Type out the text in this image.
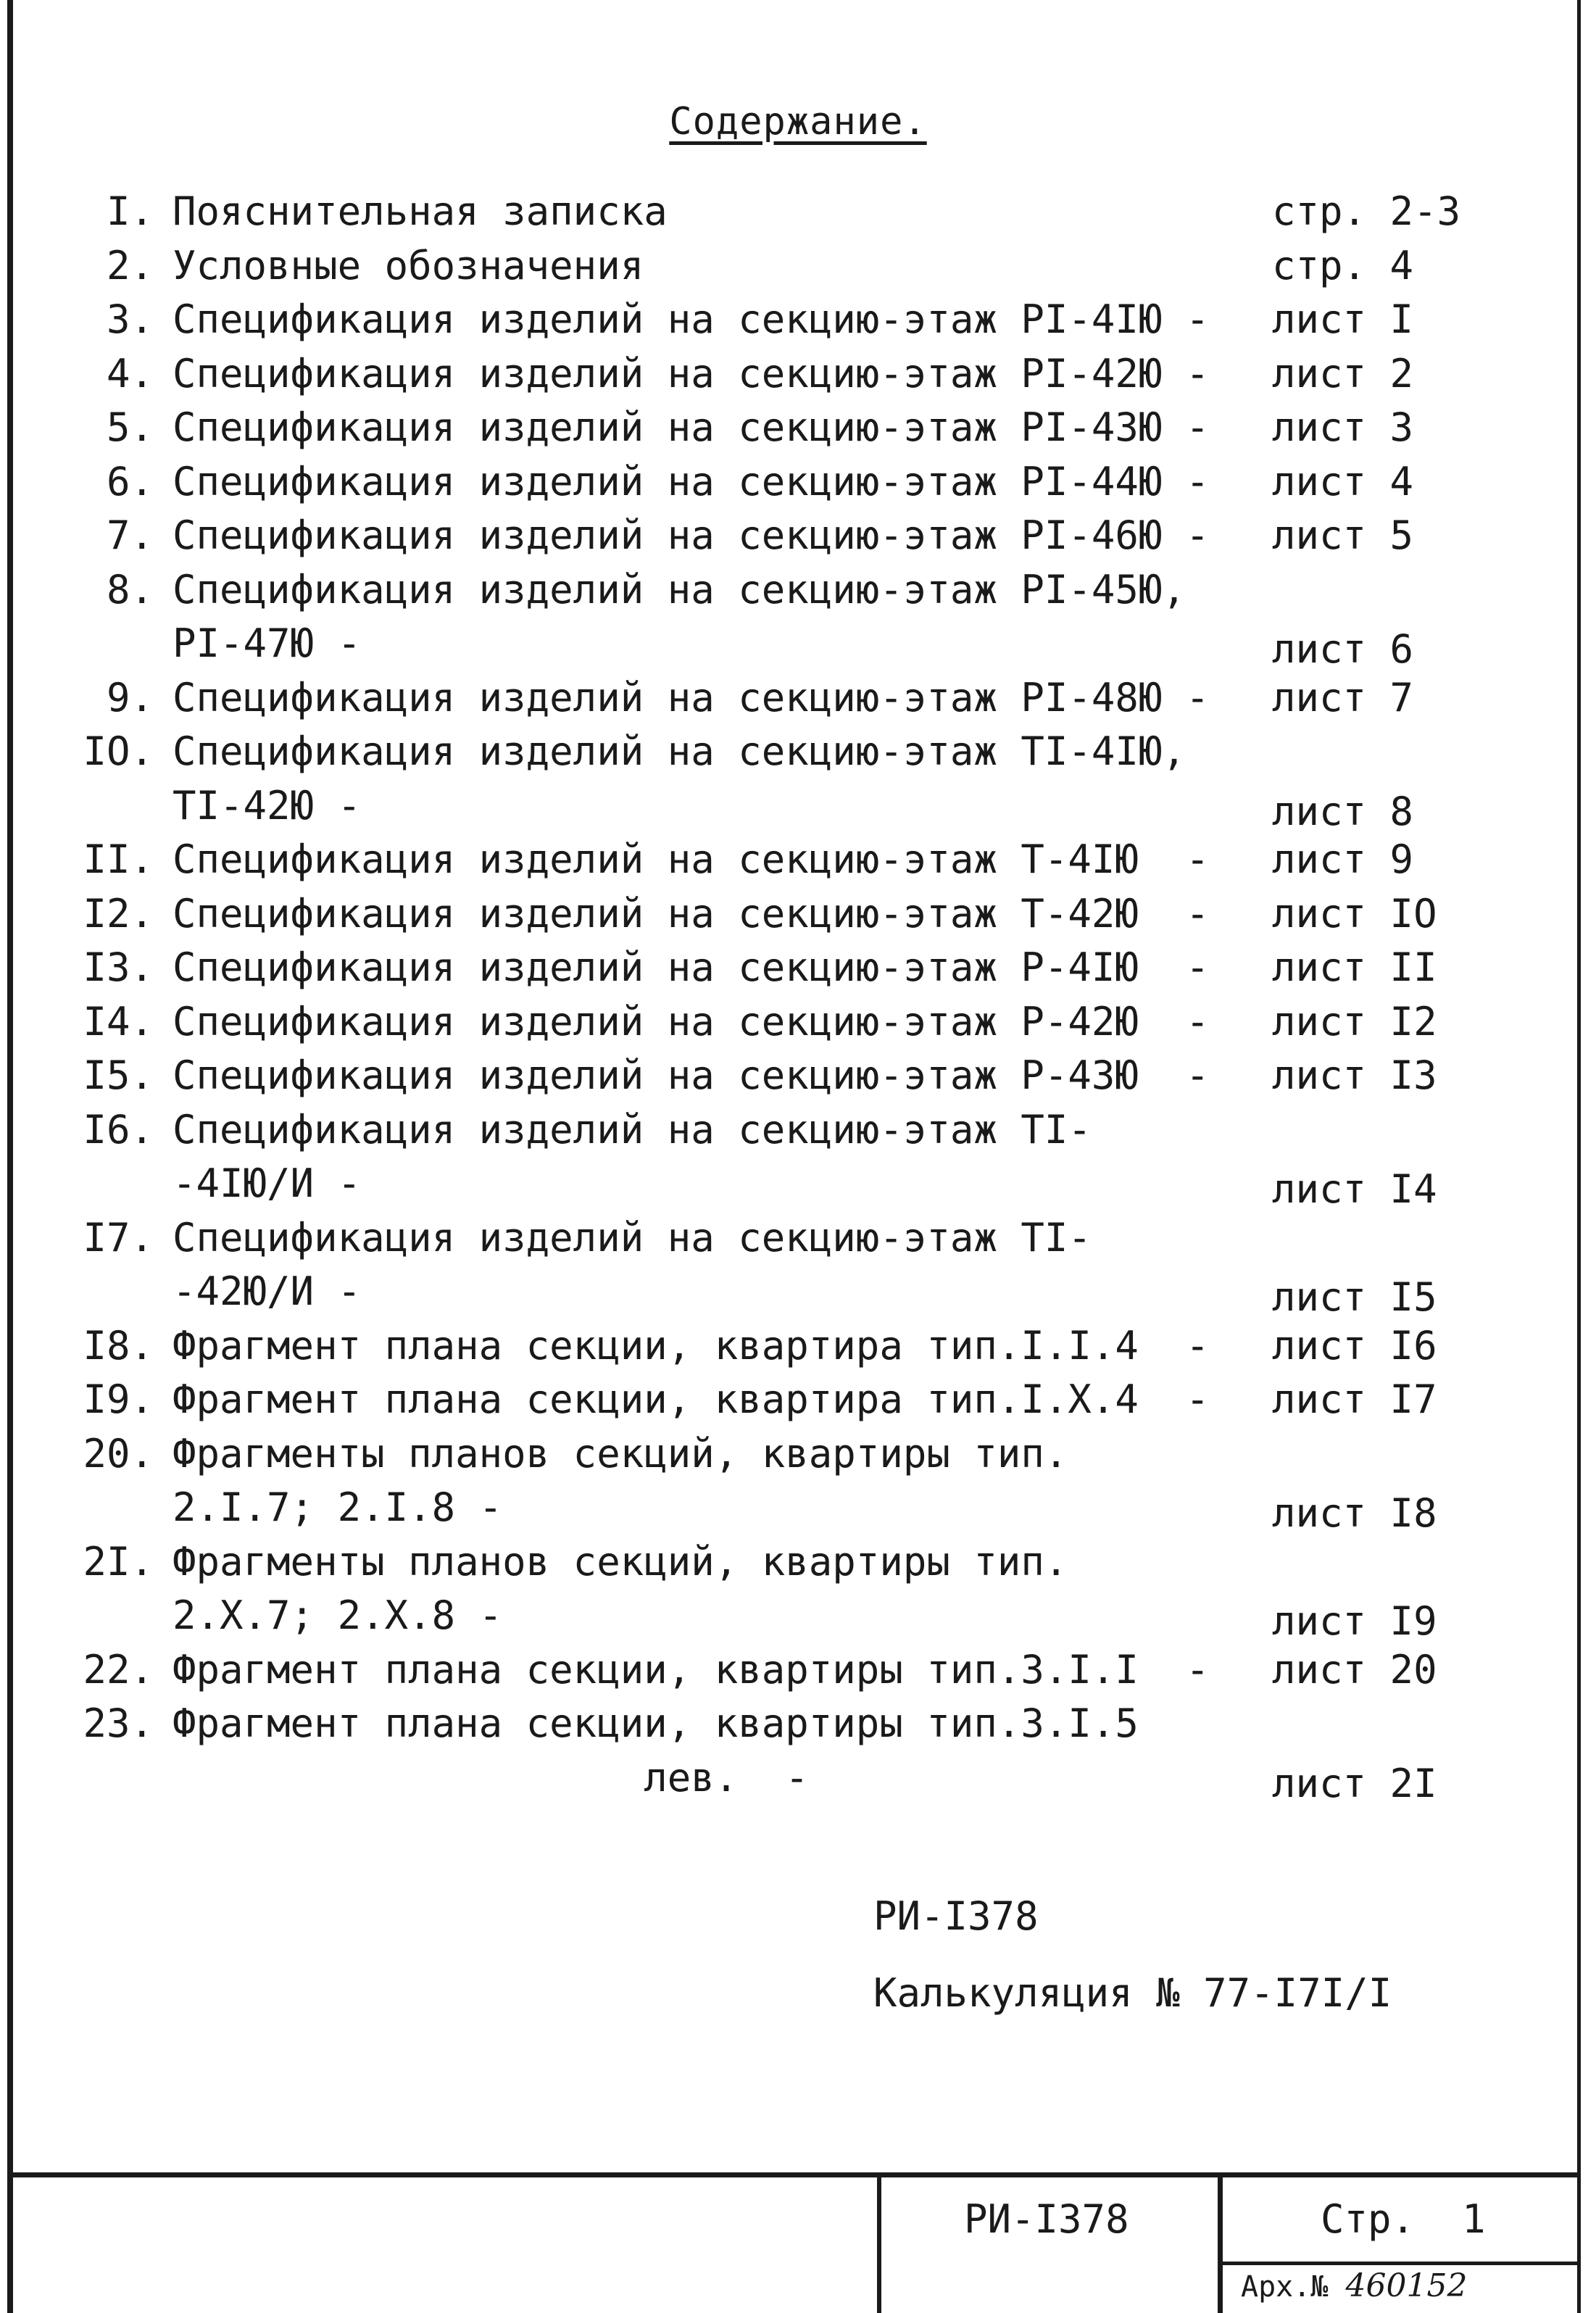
Содержание.
I. Пояснительная записка	стр. 2-3
2. Условные обозначения	стр. 4
3. Спецификация изделий на секцию-этаж PI-4IЮ - лист I
4. Спецификация изделий на секцию-этаж PI-42Ю - лист 2
5. Спецификация изделий на секцию-этаж PI-43Ю - лист 3
6. Спецификация изделий на секцию-этаж PI-44Ю - лист 4
7. Спецификация изделий на секцию-этаж PI-46Ю - лист 5
8. Спецификация изделий на секцию-этаж PI-45Ю,
PI-47Ю -	лист 6
9. Спецификация изделий на секцию-этаж PI-48Ю - лист 7
IO. Спецификация изделий на секцию-этаж TI-4IЮ,
TI-42Ю -	лист 8
II. Спецификация изделий на секцию-этаж T-4IЮ  - лист 9
I2. Спецификация изделий на секцию-этаж T-42Ю  - лист IO
I3. Спецификация изделий на секцию-этаж P-4IЮ  - лист II
I4. Спецификация изделий на секцию-этаж P-42Ю  - лист I2
I5. Спецификация изделий на секцию-этаж P-43Ю  - лист I3
I6. Спецификация изделий на секцию-этаж TI-
-4IЮ/И -	лист I4
I7. Спецификация изделий на секцию-этаж TI-
-42Ю/И -	лист I5
I8. Фрагмент плана секции, квартира тип.I.I.4  - лист I6
I9. Фрагмент плана секции, квартира тип.I.X.4  - лист I7
20. Фрагменты планов секций, квартиры тип.
2.I.7; 2.I.8 -	лист I8
2I. Фрагменты планов секций, квартиры тип.
2.X.7; 2.X.8 -	лист I9
22. Фрагмент плана секции, квартиры тип.3.I.I  - лист 20
23. Фрагмент плана секции, квартиры тип.3.I.5
лев.  -	лист 2I
РИ-I378
Калькуляция № 77-I7I/I
РИ-I378	Стр. 1
Арх.№ 460152
